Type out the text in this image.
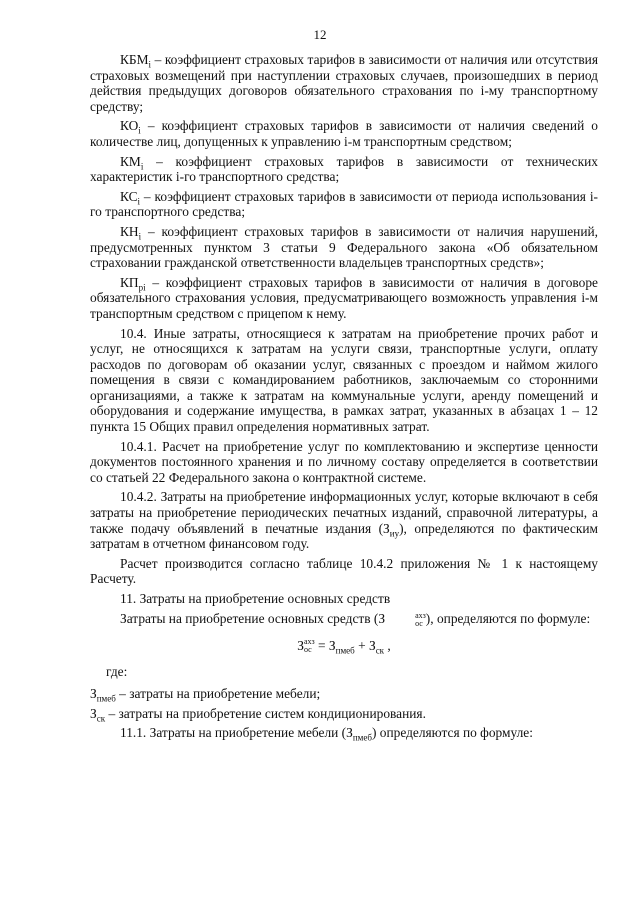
12

$КБМ_i$ – коэффициент страховых тарифов в зависимости от наличия или отсутствия страховых возмещений при наступлении страховых случаев, произошедших в период действия предыдущих договоров обязательного страхования по i-му транспортному средству;

$КО_i$ – коэффициент страховых тарифов в зависимости от наличия сведений о количестве лиц, допущенных к управлению i-м транспортным средством;

$КМ_i$ – коэффициент страховых тарифов в зависимости от технических характеристик i-го транспортного средства;

$КС_i$ – коэффициент страховых тарифов в зависимости от периода использования i-го транспортного средства;

$КН_i$ – коэффициент страховых тарифов в зависимости от наличия нарушений, предусмотренных пунктом 3 статьи 9 Федерального закона «Об обязательном страховании гражданской ответственности владельцев транспортных средств»;

$КП_{pi}$ – коэффициент страховых тарифов в зависимости от наличия в договоре обязательного страхования условия, предусматривающего возможность управления i-м транспортным средством с прицепом к нему.

10.4. Иные затраты, относящиеся к затратам на приобретение прочих работ и услуг, не относящихся к затратам на услуги связи, транспортные услуги, оплату расходов по договорам об оказании услуг, связанных с проездом и наймом жилого помещения в связи с командированием работников, заключаемым со сторонними организациями, а также к затратам на коммунальные услуги, аренду помещений и оборудования и содержание имущества, в рамках затрат, указанных в абзацах 1 – 12 пункта 15 Общих правил определения нормативных затрат.

10.4.1. Расчет на приобретение услуг по комплектованию и экспертизе ценности документов постоянного хранения и по личному составу определяется в соответствии со статьей 22 Федерального закона о контрактной системе.

10.4.2. Затраты на приобретение информационных услуг, которые включают в себя затраты на приобретение периодических печатных изданий, справочной литературы, а также подачу объявлений в печатные издания $(З_{иу})$, определяются по фактическим затратам в отчетном финансовом году.

Расчет производится согласно таблице 10.4.2 приложения № 1 к настоящему Расчету.

11. Затраты на приобретение основных средств

Затраты на приобретение основных средств (З	axз
ос ), определяются по формуле:

З axз
ос = $З_{пмеб} + З_{ск}$ ,

где:

$З_{пмеб}$ – затраты на приобретение мебели;

$З_{ск}$ – затраты на приобретение систем кондиционирования.

11.1. Затраты на приобретение мебели $(З_{пмеб})$ определяются по формуле:
